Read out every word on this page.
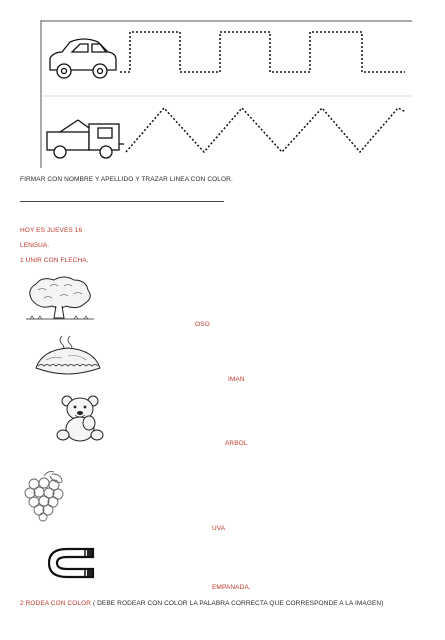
FIRMAR CON NOMBRE Y APELLIDO Y TRAZAR LINEA CON COLOR.
HOY ES JUEVES 16
LENGUA.
1 UNIR CON FLECHA.
OSO
IMAN
ARBOL
UVA
EMPANADA.
2 RODEA CON COLOR ( DEBE RODEAR CON COLOR LA PALABRA CORRECTA QUE CORRESPONDE A LA IMAGEN)
